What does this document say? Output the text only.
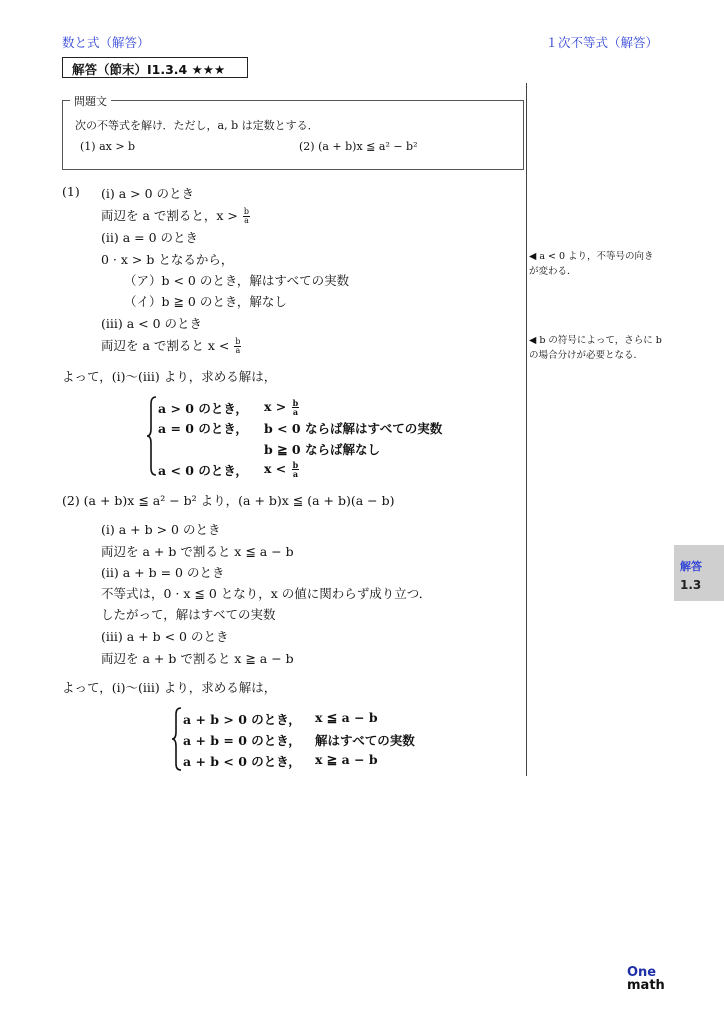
数と式（解答）	１次不等式（解答）
解答（節末）I1.3.4 ★★★
問題文
次の不等式を解け．ただし，a, b は定数とする．
(1) ax > b	(2) (a + b)x ≦ a² − b²
(1) (i) a > 0 のとき
両辺を a で割ると，$x > \frac{b}{a}$
(ii) a = 0 のとき
0 · x > b となるから，
（ア）b < 0 のとき，解はすべての実数
（イ）b ≧ 0 のとき，解なし
(iii) a < 0 のとき
両辺を a で割ると $x < \frac{b}{a}$
よって，(i)〜(iii) より，求める解は，
a > 0 のとき， $x > \frac{b}{a}$
a = 0 のとき， b < 0 ならば解はすべての実数
b ≧ 0 ならば解なし
a < 0 のとき， $x < \frac{b}{a}$
(2) (a + b)x ≦ a² − b² より，(a + b)x ≦ (a + b)(a − b)
(i) a + b > 0 のとき
両辺を a + b で割ると x ≦ a − b
(ii) a + b = 0 のとき
不等式は，0 · x ≦ 0 となり，x の値に関わらず成り立つ．
したがって，解はすべての実数
(iii) a + b < 0 のとき
両辺を a + b で割ると x ≧ a − b
よって，(i)〜(iii) より，求める解は，
a + b > 0 のとき， x ≦ a − b
a + b = 0 のとき， 解はすべての実数
a + b < 0 のとき， x ≧ a − b
◀ a < 0 より，不等号の向き
が変わる．
◀ b の符号によって，さらに b
の場合分けが必要となる．
解答
1.3
One
math
